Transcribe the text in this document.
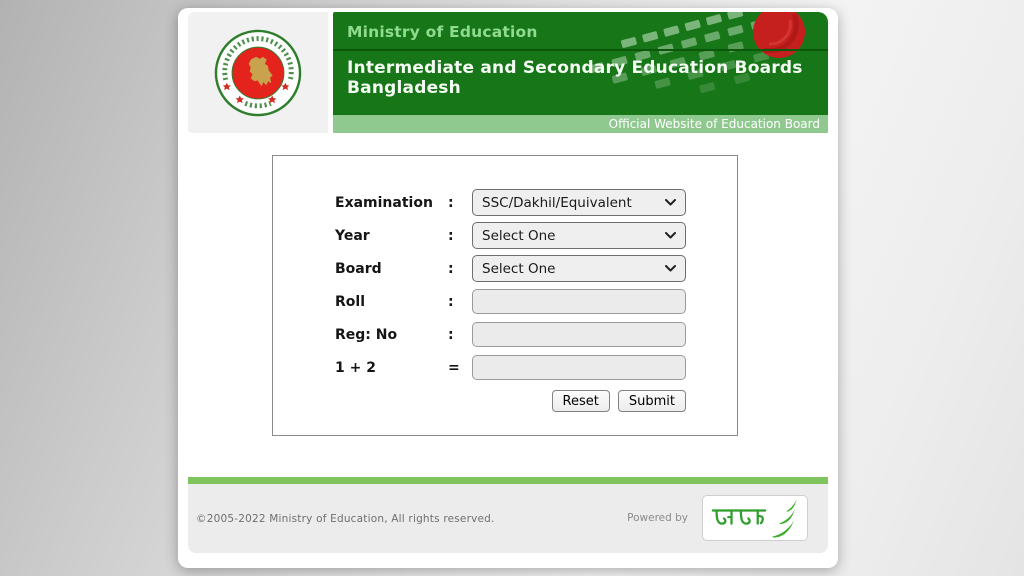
Ministry of Education
Intermediate and Secondary Education Boards Bangladesh
Official Website of Education Board
Examination	:	SSC/Dakhil/Equivalent
Year	:	Select One
Board	:	Select One
Roll	:
Reg: No	:
1 + 2	=
Reset	Submit
©2005-2022 Ministry of Education, All rights reserved.	Powered by
